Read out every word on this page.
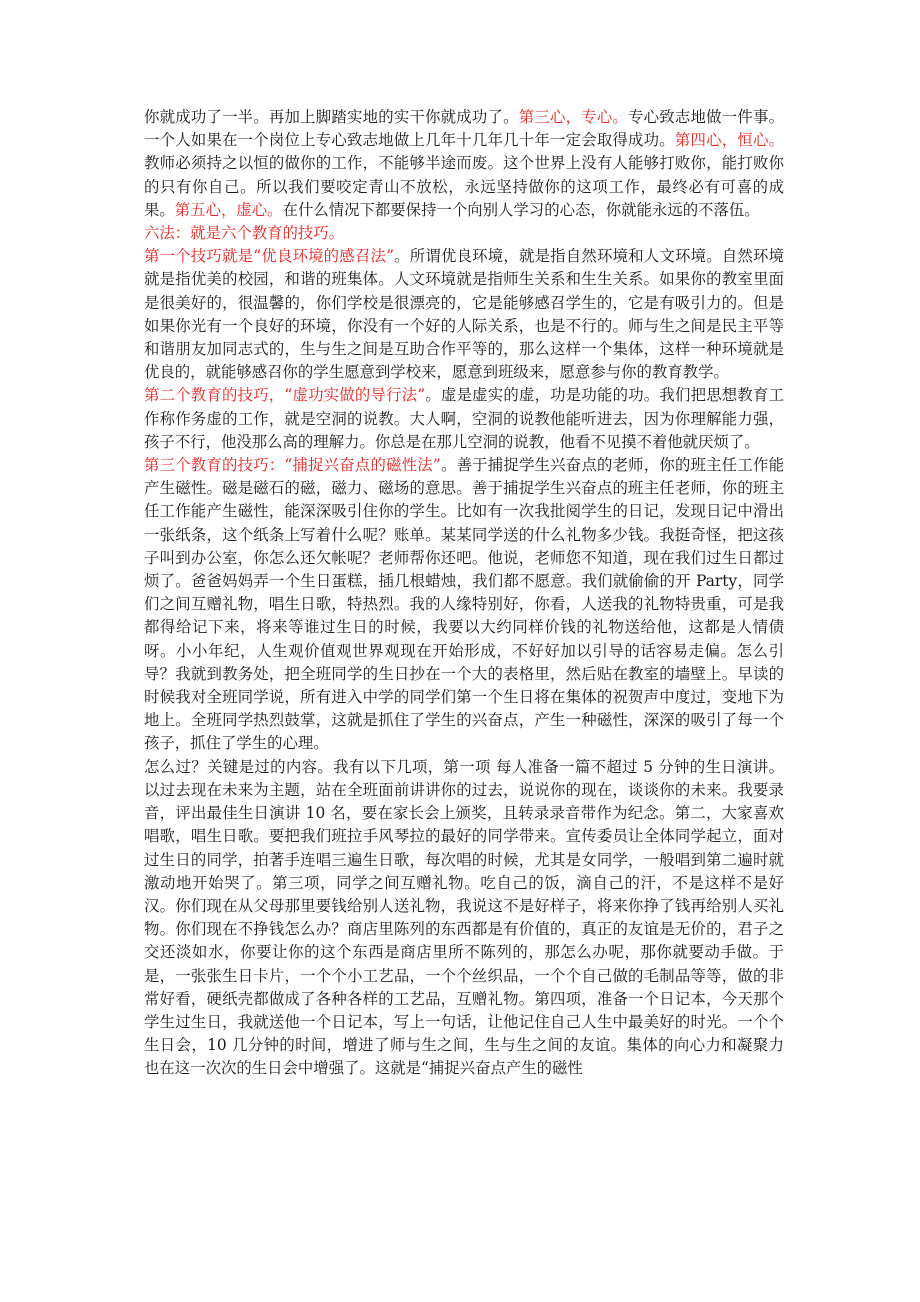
你就成功了一半。再加上脚踏实地的实干你就成功了。第三心，专心。专心致志地做一件事。一个人如果在一个岗位上专心致志地做上几年十几年几十年一定会取得成功。第四心，恒心。教师必须持之以恒的做你的工作，不能够半途而废。这个世界上没有人能够打败你，能打败你的只有你自己。所以我们要咬定青山不放松，永远坚持做你的这项工作，最终必有可喜的成果。第五心，虚心。在什么情况下都要保持一个向别人学习的心态，你就能永远的不落伍。

六法：就是六个教育的技巧。

第一个技巧就是“优良环境的感召法”。所谓优良环境，就是指自然环境和人文环境。自然环境就是指优美的校园，和谐的班集体。人文环境就是指师生关系和生生关系。如果你的教室里面是很美好的，很温馨的，你们学校是很漂亮的，它是能够感召学生的，它是有吸引力的。但是如果你光有一个良好的环境，你没有一个好的人际关系，也是不行的。师与生之间是民主平等和谐朋友加同志式的，生与生之间是互助合作平等的，那么这样一个集体，这样一种环境就是优良的，就能够感召你的学生愿意到学校来，愿意到班级来，愿意参与你的教育教学。

第二个教育的技巧，“虚功实做的导行法”。虚是虚实的虚，功是功能的功。我们把思想教育工作称作务虚的工作，就是空洞的说教。大人啊，空洞的说教他能听进去，因为你理解能力强，孩子不行，他没那么高的理解力。你总是在那儿空洞的说教，他看不见摸不着他就厌烦了。

第三个教育的技巧：“捕捉兴奋点的磁性法”。善于捕捉学生兴奋点的老师，你的班主任工作能产生磁性。磁是磁石的磁，磁力、磁场的意思。善于捕捉学生兴奋点的班主任老师，你的班主任工作能产生磁性，能深深吸引住你的学生。比如有一次我批阅学生的日记，发现日记中滑出一张纸条，这个纸条上写着什么呢？账单。某某同学送的什么礼物多少钱。我挺奇怪，把这孩子叫到办公室，你怎么还欠帐呢？老师帮你还吧。他说，老师您不知道，现在我们过生日都过烦了。爸爸妈妈弄一个生日蛋糕，插几根蜡烛，我们都不愿意。我们就偷偷的开 Party，同学们之间互赠礼物，唱生日歌，特热烈。我的人缘特别好，你看，人送我的礼物特贵重，可是我都得给记下来，将来等谁过生日的时候，我要以大约同样价钱的礼物送给他，这都是人情债呀。小小年纪，人生观价值观世界观现在开始形成，不好好加以引导的话容易走偏。怎么引导？我就到教务处，把全班同学的生日抄在一个大的表格里，然后贴在教室的墙壁上。早读的时候我对全班同学说，所有进入中学的同学们第一个生日将在集体的祝贺声中度过，变地下为地上。全班同学热烈鼓掌，这就是抓住了学生的兴奋点，产生一种磁性，深深的吸引了每一个孩子，抓住了学生的心理。

怎么过？关键是过的内容。我有以下几项，第一项 每人准备一篇不超过 5 分钟的生日演讲。以过去现在未来为主题，站在全班面前讲讲你的过去，说说你的现在，谈谈你的未来。我要录音，评出最佳生日演讲 10 名，要在家长会上颁奖，且转录录音带作为纪念。第二，大家喜欢唱歌，唱生日歌。要把我们班拉手风琴拉的最好的同学带来。宣传委员让全体同学起立，面对过生日的同学，拍著手连唱三遍生日歌，每次唱的时候，尤其是女同学，一般唱到第二遍时就激动地开始哭了。第三项，同学之间互赠礼物。吃自己的饭，滴自己的汗，不是这样不是好汉。你们现在从父母那里要钱给别人送礼物，我说这不是好样子，将来你挣了钱再给别人买礼物。你们现在不挣钱怎么办？商店里陈列的东西都是有价值的，真正的友谊是无价的，君子之交还淡如水，你要让你的这个东西是商店里所不陈列的，那怎么办呢，那你就要动手做。于是，一张张生日卡片，一个个小工艺品，一个个丝织品，一个个自己做的毛制品等等，做的非常好看，硬纸壳都做成了各种各样的工艺品，互赠礼物。第四项，准备一个日记本，今天那个学生过生日，我就送他一个日记本，写上一句话，让他记住自己人生中最美好的时光。一个个生日会，10 几分钟的时间，增进了师与生之间，生与生之间的友谊。集体的向心力和凝聚力也在这一次次的生日会中增强了。这就是“捕捉兴奋点产生的磁性
